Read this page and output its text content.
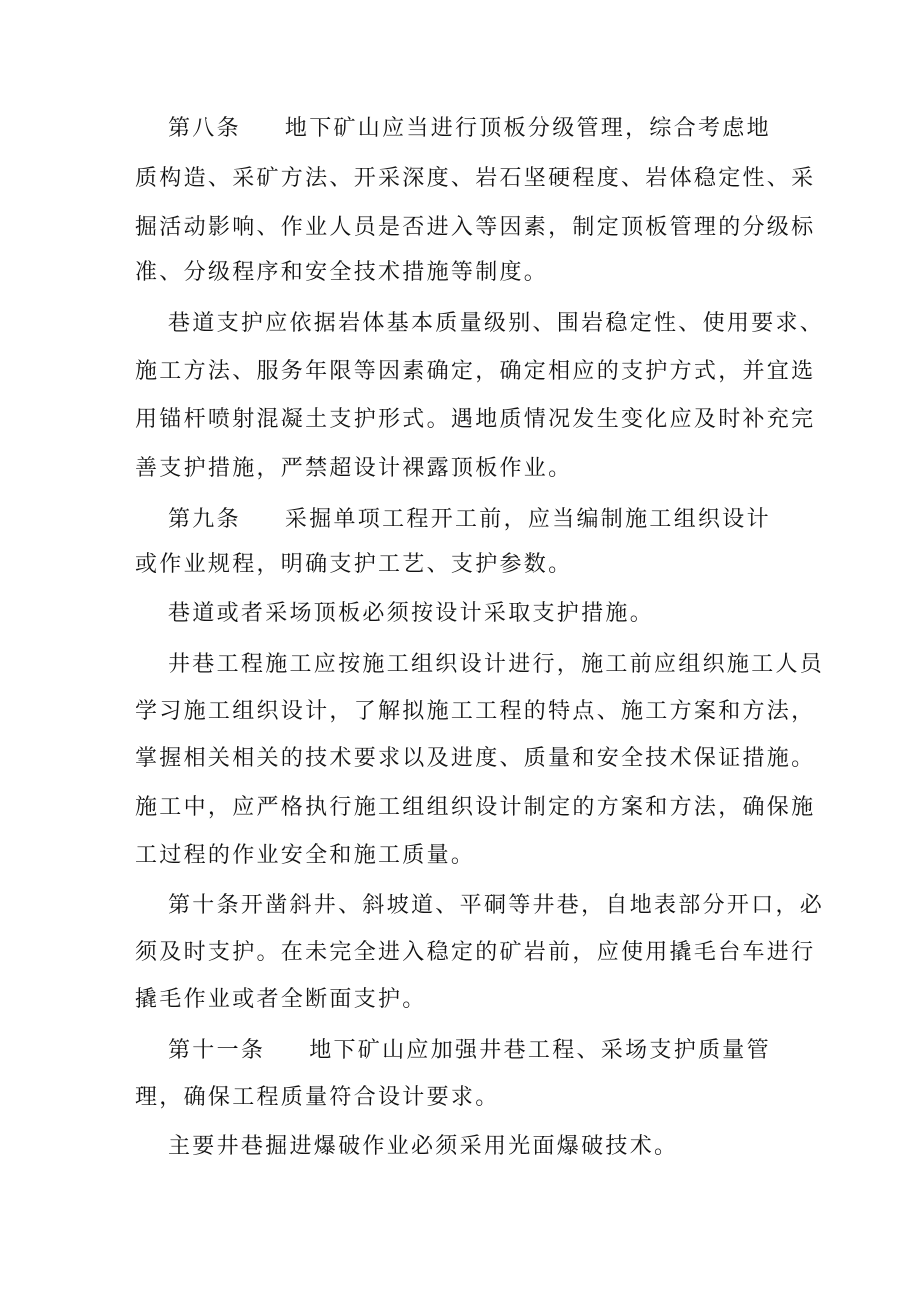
第八条 地下矿山应当进行顶板分级管理，综合考虑地

质构造、采矿方法、开采深度、岩石坚硬程度、岩体稳定性、采

掘活动影响、作业人员是否进入等因素，制定顶板管理的分级标

准、分级程序和安全技术措施等制度。

巷道支护应依据岩体基本质量级别、围岩稳定性、使用要求、

施工方法、服务年限等因素确定，确定相应的支护方式，并宜选

用锚杆喷射混凝土支护形式。遇地质情况发生变化应及时补充完

善支护措施，严禁超设计裸露顶板作业。

第九条 采掘单项工程开工前，应当编制施工组织设计

或作业规程，明确支护工艺、支护参数。

巷道或者采场顶板必须按设计采取支护措施。

井巷工程施工应按施工组织设计进行，施工前应组织施工人员

学习施工组织设计，了解拟施工工程的特点、施工方案和方法，

掌握相关相关的技术要求以及进度、质量和安全技术保证措施。

施工中，应严格执行施工组组织设计制定的方案和方法，确保施

工过程的作业安全和施工质量。

第十条开凿斜井、斜坡道、平硐等井巷，自地表部分开口，必

须及时支护。在未完全进入稳定的矿岩前，应使用撬毛台车进行

撬毛作业或者全断面支护。

第十一条 地下矿山应加强井巷工程、采场支护质量管

理，确保工程质量符合设计要求。

主要井巷掘进爆破作业必须采用光面爆破技术。
